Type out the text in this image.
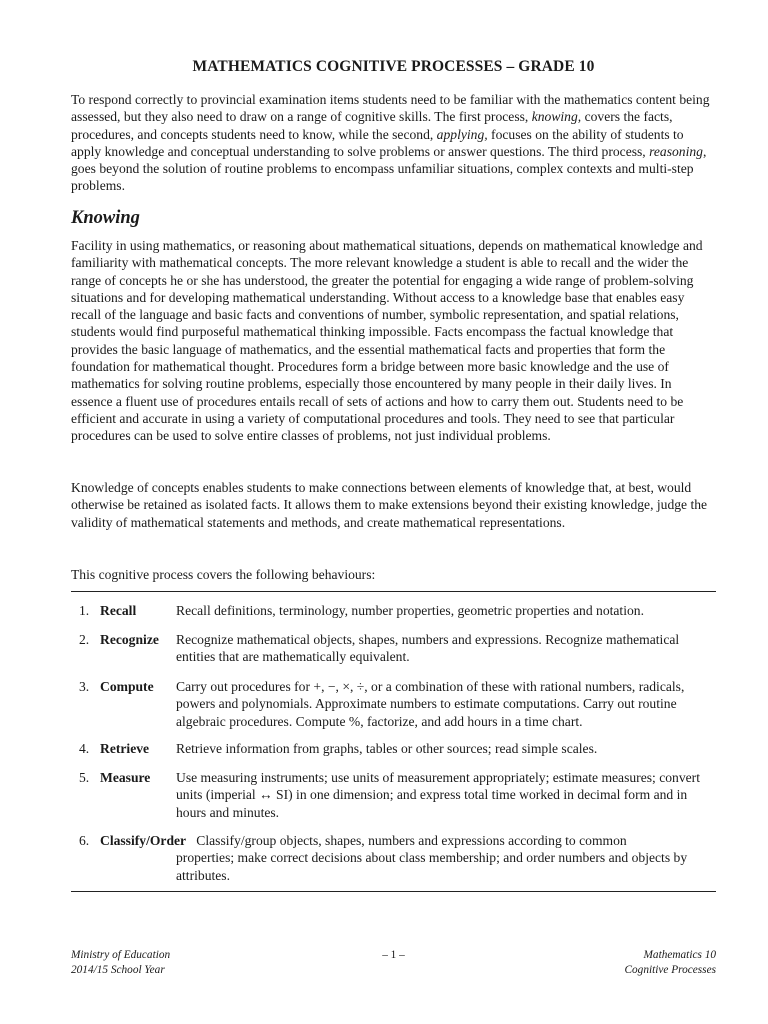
MATHEMATICS COGNITIVE PROCESSES – GRADE 10

To respond correctly to provincial examination items students need to be familiar with the mathematics content being assessed, but they also need to draw on a range of cognitive skills. The first process, knowing, covers the facts, procedures, and concepts students need to know, while the second, applying, focuses on the ability of students to apply knowledge and conceptual understanding to solve problems or answer questions. The third process, reasoning, goes beyond the solution of routine problems to encompass unfamiliar situations, complex contexts and multi-step problems.

Knowing

Facility in using mathematics, or reasoning about mathematical situations, depends on mathematical knowledge and familiarity with mathematical concepts. The more relevant knowledge a student is able to recall and the wider the range of concepts he or she has understood, the greater the potential for engaging a wide range of problem-solving situations and for developing mathematical understanding. Without access to a knowledge base that enables easy recall of the language and basic facts and conventions of number, symbolic representation, and spatial relations, students would find purposeful mathematical thinking impossible. Facts encompass the factual knowledge that provides the basic language of mathematics, and the essential mathematical facts and properties that form the foundation for mathematical thought. Procedures form a bridge between more basic knowledge and the use of mathematics for solving routine problems, especially those encountered by many people in their daily lives. In essence a fluent use of procedures entails recall of sets of actions and how to carry them out. Students need to be efficient and accurate in using a variety of computational procedures and tools. They need to see that particular procedures can be used to solve entire classes of problems, not just individual problems.

Knowledge of concepts enables students to make connections between elements of knowledge that, at best, would otherwise be retained as isolated facts. It allows them to make extensions beyond their existing knowledge, judge the validity of mathematical statements and methods, and create mathematical representations.

This cognitive process covers the following behaviours:

1. Recall	Recall definitions, terminology, number properties, geometric properties and notation.
2. Recognize Recognize mathematical objects, shapes, numbers and expressions. Recognize mathematical entities that are mathematically equivalent.
3. Compute Carry out procedures for +, −, ×, ÷, or a combination of these with rational numbers, radicals, powers and polynomials. Approximate numbers to estimate computations. Carry out routine algebraic procedures. Compute %, factorize, and add hours in a time chart.
4. Retrieve Retrieve information from graphs, tables or other sources; read simple scales.
5. Measure Use measuring instruments; use units of measurement appropriately; estimate measures; convert units (imperial ↔ SI) in one dimension; and express total time worked in decimal form and in hours and minutes.
6. Classify/Order Classify/group objects, shapes, numbers and expressions according to common
properties; make correct decisions about class membership; and order numbers and objects by attributes.
Ministry of Education
2014/15 School Year
– 1 –	Mathematics 10
Cognitive Processes
